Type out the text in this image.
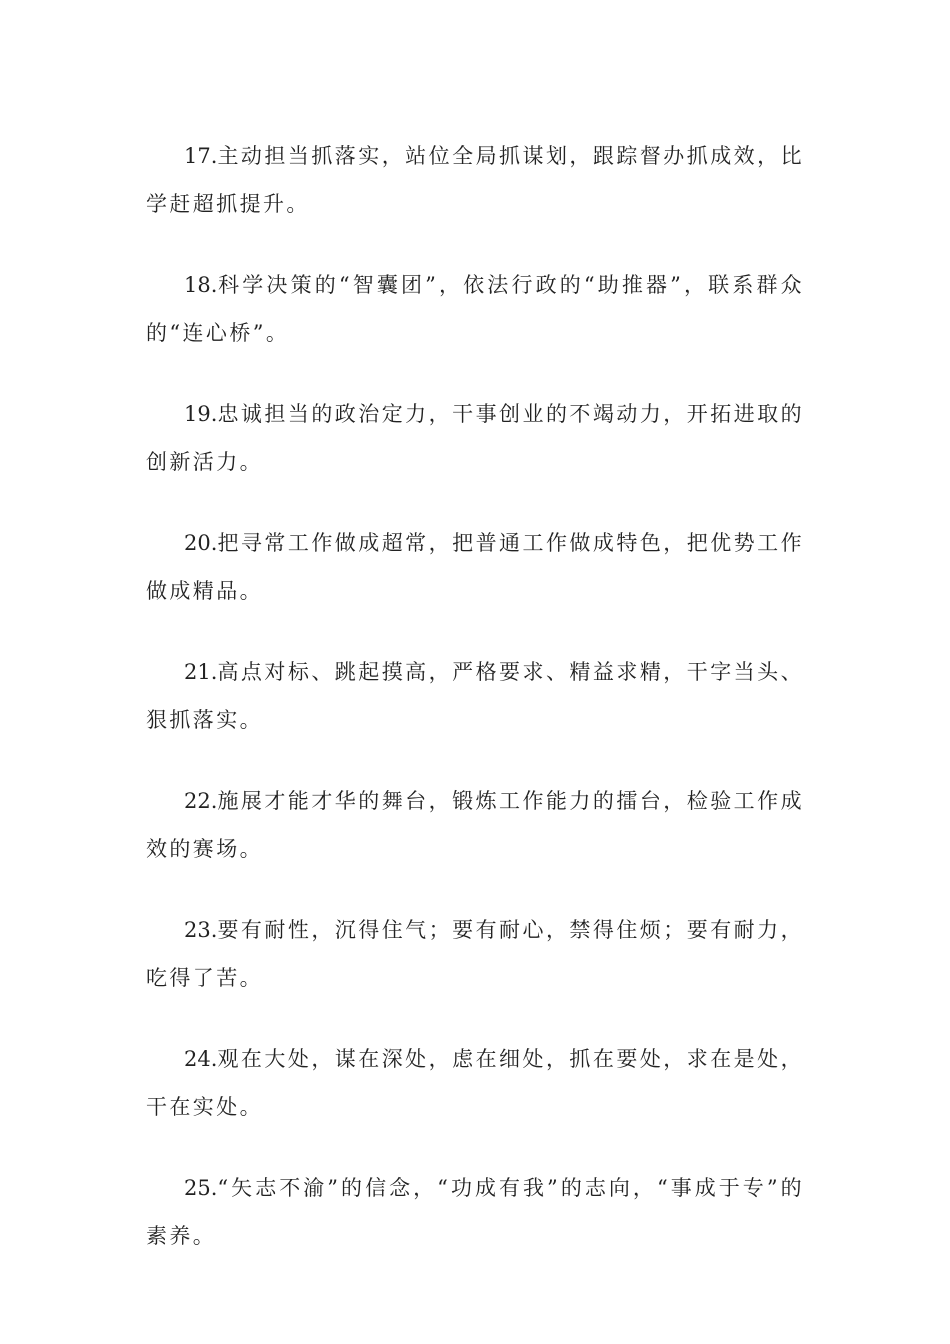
17.主动担当抓落实，站位全局抓谋划，跟踪督办抓成效，比学赶超抓提升。

18.科学决策的“智囊团”，依法行政的“助推器”，联系群众的“连心桥”。

19.忠诚担当的政治定力，干事创业的不竭动力，开拓进取的创新活力。

20.把寻常工作做成超常，把普通工作做成特色，把优势工作做成精品。

21.高点对标、跳起摸高，严格要求、精益求精，干字当头、狠抓落实。

22.施展才能才华的舞台，锻炼工作能力的擂台，检验工作成效的赛场。

23.要有耐性，沉得住气；要有耐心，禁得住烦；要有耐力，吃得了苦。

24.观在大处，谋在深处，虑在细处，抓在要处，求在是处，干在实处。

25.“矢志不渝”的信念，“功成有我”的志向，“事成于专”的素养。
